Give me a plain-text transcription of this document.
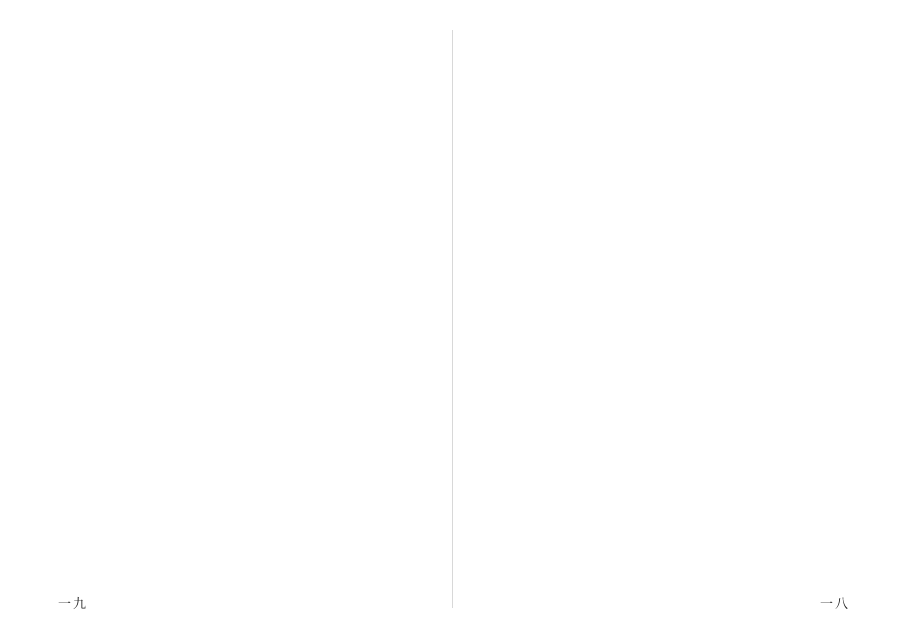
一九	一八
